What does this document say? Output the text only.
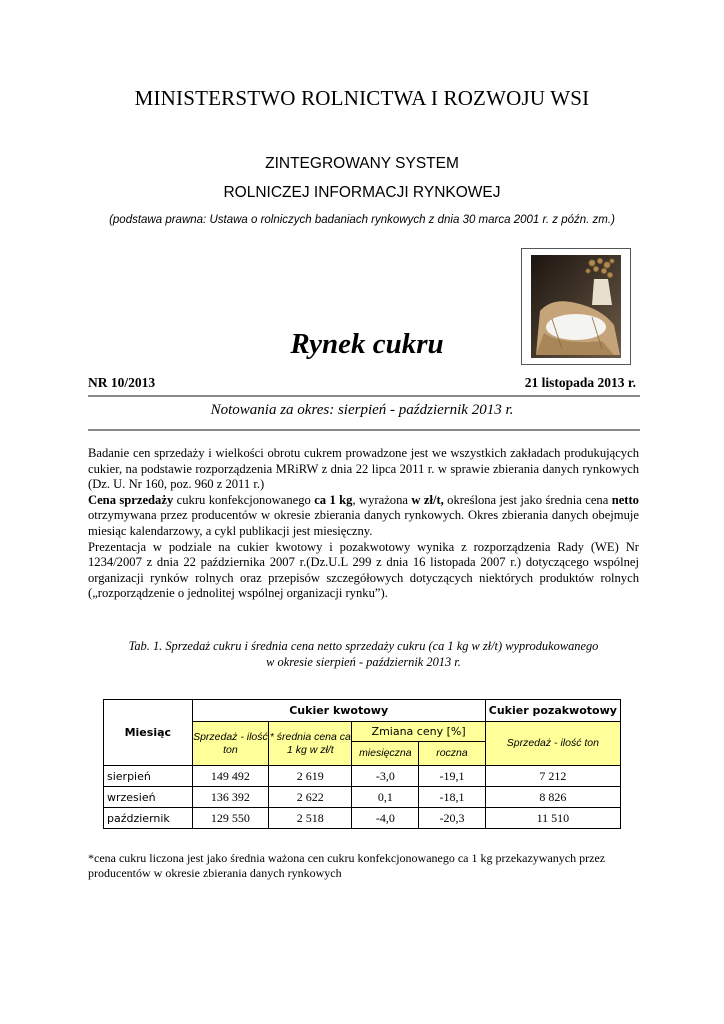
MINISTERSTWO ROLNICTWA I ROZWOJU WSI
ZINTEGROWANY SYSTEM
ROLNICZEJ INFORMACJI RYNKOWEJ
(podstawa prawna: Ustawa o rolniczych badaniach rynkowych z dnia 30 marca 2001 r. z późn. zm.)
Rynek cukru
NR 10/2013	21 listopada 2013 r.
Notowania za okres: sierpień - październik 2013 r.

Badanie cen sprzedaży i wielkości obrotu cukrem prowadzone jest we wszystkich zakładach produkujących cukier, na podstawie rozporządzenia MRiRW z dnia 22 lipca 2011 r. w sprawie zbierania danych rynkowych (Dz. U. Nr 160, poz. 960 z 2011 r.)

Cena sprzedaży cukru konfekcjonowanego ca 1 kg, wyrażona w zł/t, określona jest jako średnia cena netto otrzymywana przez producentów w okresie zbierania danych rynkowych. Okres zbierania danych obejmuje miesiąc kalendarzowy, a cykl publikacji jest miesięczny.

Prezentacja w podziale na cukier kwotowy i pozakwotowy wynika z rozporządzenia Rady (WE) Nr 1234/2007 z dnia 22 października 2007 r.(Dz.U.L 299 z dnia 16 listopada 2007 r.) dotyczącego wspólnej organizacji rynków rolnych oraz przepisów szczegółowych dotyczących niektórych produktów rolnych („rozporządzenie o jednolitej wspólnej organizacji rynku”).

Tab. 1. Sprzedaż cukru i średnia cena netto sprzedaży cukru (ca 1 kg w zł/t) wyprodukowanego
w okresie sierpień - październik 2013 r.
Miesiąc	Cukier kwotowy				Cukier pozakwotowy
	Sprzedaż - ilość ton	* średnia cena ca 1 kg w zł/t	Zmiana ceny [%]		Sprzedaż - ilość ton
			miesięczna	roczna	
sierpień	149 492	2 619	-3,0	-19,1	7 212
wrzesień	136 392	2 622	0,1	-18,1	8 826
październik	129 550	2 518	-4,0	-20,3	11 510
*cena cukru liczona jest jako średnia ważona cen cukru konfekcjonowanego ca 1 kg przekazywanych przez producentów w okresie zbierania danych rynkowych
